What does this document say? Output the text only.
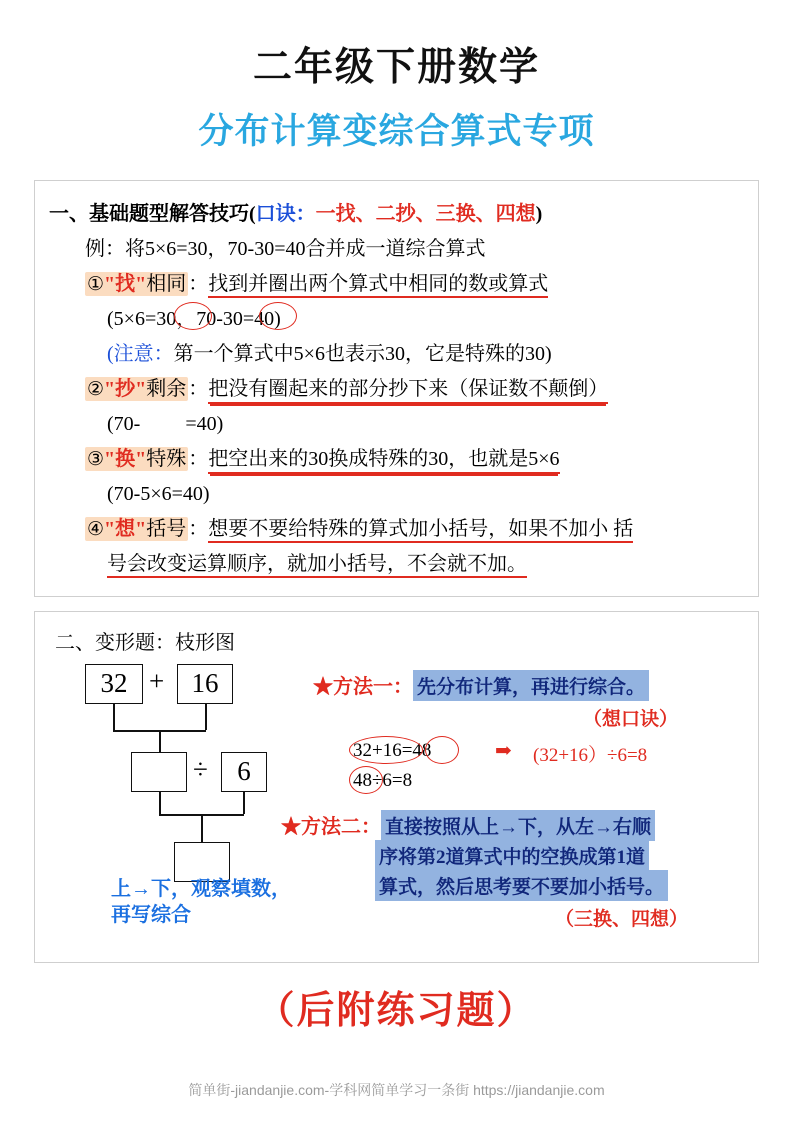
二年级下册数学
分布计算变综合算式专项
一、基础题型解答技巧(口诀：一找、二抄、三换、四想)
例：将5×6=30，70-30=40合并成一道综合算式
①"找"相同 ：找到并圈出两个算式中相同的数或算式
(5×6=30，70-30=40)
(注意：第一个算式中5×6也表示30，它是特殊的30)
②"抄"剩余 ：把没有圈起来的部分抄下来（保证数不颠倒）
(70-　　 =40)
③"换"特殊 ：把空出来的30换成特殊的30，也就是5×6
(70-5×6=40)
④"想"括号 ：想要不要给特殊的算式加小括号，如果不加小 括
号会改变运算顺序，就加小括号，不会就不加。
二、变形题：枝形图
32 +	16
÷	6
★方法一： 先分布计算，再进行综合。
（想口诀）
32+16=48	➡ (32+16）÷6=8
48÷6=8
★方法二： 直接按照从上→下，从左→右顺
序将第2道算式中的空换成第1道
算式，然后思考要不要加小括号。
（三换、四想）
上→下，观察填数，
再写综合
（后附练习题）
简单街-jiandanjie.com-学科网简单学习一条街 https://jiandanjie.com
